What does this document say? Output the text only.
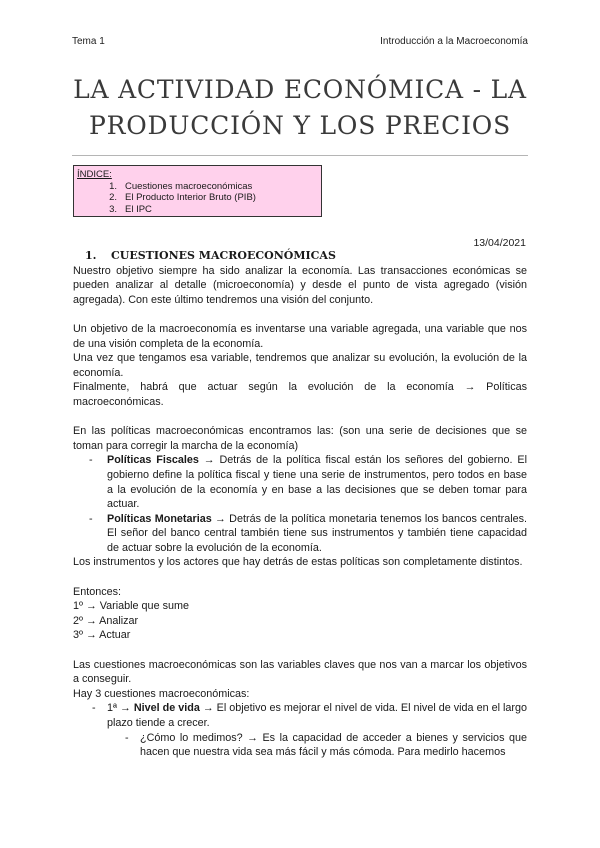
Tema 1	Introducción a la Macroeconomía
LA ACTIVIDAD ECONÓMICA - LA
PRODUCCIÓN Y LOS PRECIOS
ÍNDICE:
1. Cuestiones macroeconómicas
2. El Producto Interior Bruto (PIB)
3. El IPC
13/04/2021
1. CUESTIONES MACROECONÓMICAS

Nuestro objetivo siempre ha sido analizar la economía. Las transacciones económicas se pueden analizar al detalle (microeconomía) y desde el punto de vista agregado (visión agregada). Con este último tendremos una visión del conjunto.

Un objetivo de la macroeconomía es inventarse una variable agregada, una variable que nos de una visión completa de la economía.

Una vez que tengamos esa variable, tendremos que analizar su evolución, la evolución de la economía.

Finalmente, habrá que actuar según la evolución de la economía → Políticas macroeconómicas.

En las políticas macroeconómicas encontramos las: (son una serie de decisiones que se toman para corregir la marcha de la economía)

- Políticas Fiscales → Detrás de la política fiscal están los señores del gobierno. El gobierno define la política fiscal y tiene una serie de instrumentos, pero todos en base a la evolución de la economía y en base a las decisiones que se deben tomar para actuar.
- Políticas Monetarias → Detrás de la política monetaria tenemos los bancos centrales. El señor del banco central también tiene sus instrumentos y también tiene capacidad de actuar sobre la evolución de la economía.

Los instrumentos y los actores que hay detrás de estas políticas son completamente distintos.

Entonces:

1º → Variable que sume

2º → Analizar

3º → Actuar

Las cuestiones macroeconómicas son las variables claves que nos van a marcar los objetivos a conseguir.

Hay 3 cuestiones macroeconómicas:

- 1ª → Nivel de vida → El objetivo es mejorar el nivel de vida. El nivel de vida en el largo plazo tiende a crecer.
- ¿Cómo lo medimos? → Es la capacidad de acceder a bienes y servicios que hacen que nuestra vida sea más fácil y más cómoda. Para medirlo hacemos
